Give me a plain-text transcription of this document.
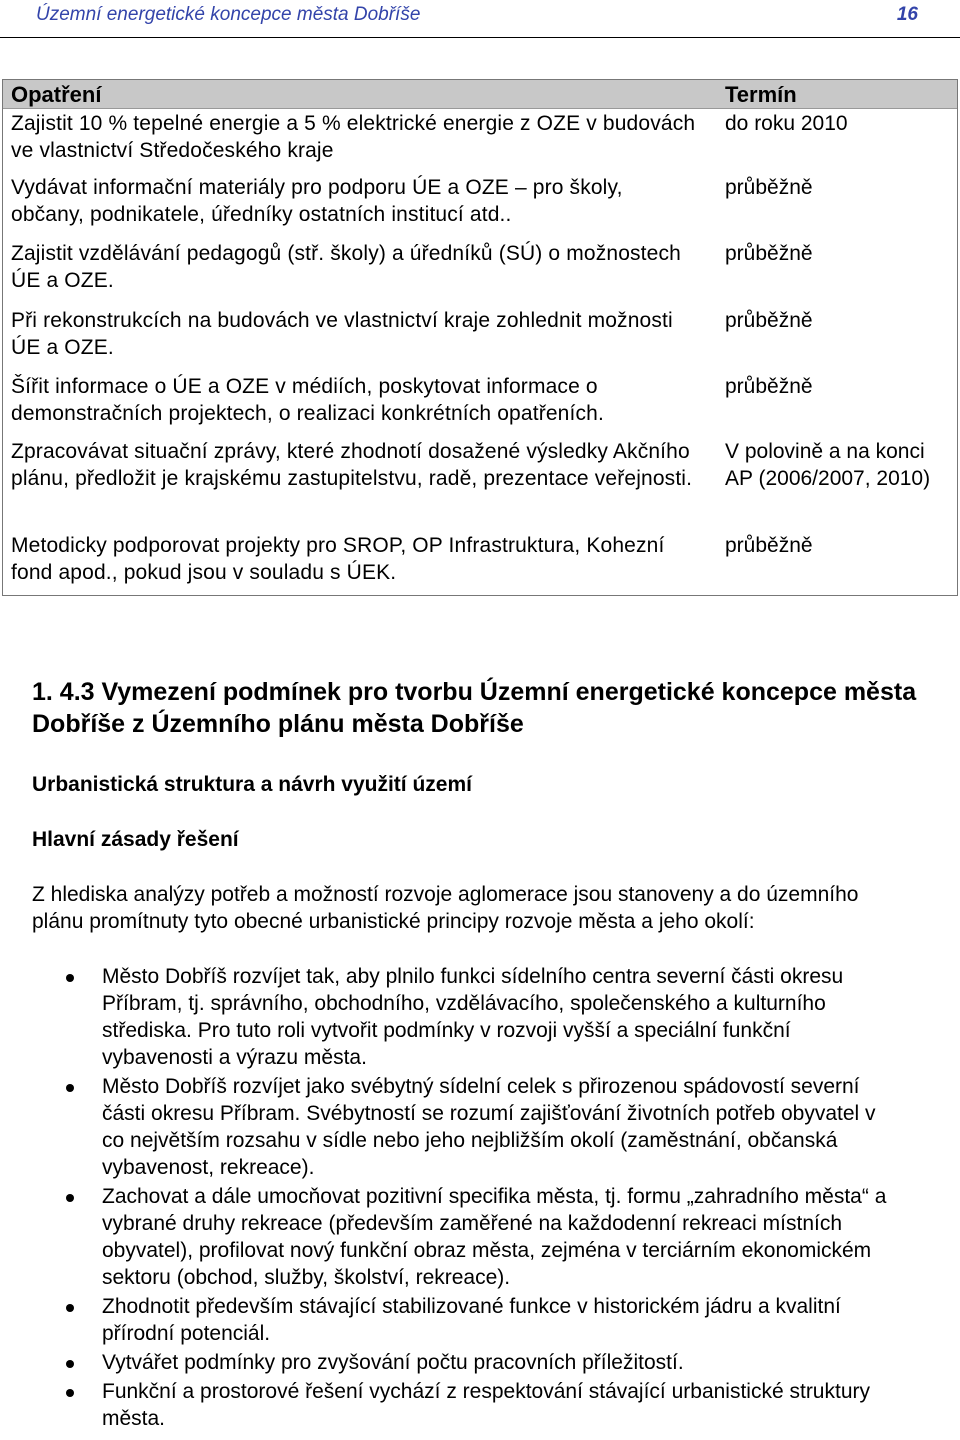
Územní energetické koncepce města Dobříše	16
Opatření	Termín
Zajistit 10 % tepelné energie a 5 % elektrické energie z OZE v budovách ve vlastnictví Středočeského kraje
do roku 2010
Vydávat informační materiály pro podporu ÚE a OZE – pro školy, občany, podnikatele, úředníky ostatních institucí atd..
průběžně
Zajistit vzdělávání pedagogů (stř. školy) a úředníků (SÚ) o možnostech ÚE a OZE.
průběžně
Při rekonstrukcích na budovách ve vlastnictví kraje zohlednit možnosti ÚE a OZE.
průběžně
Šířit informace o ÚE a OZE v médiích, poskytovat informace o demonstračních projektech, o realizaci konkrétních opatřeních.
průběžně
Zpracovávat situační zprávy, které zhodnotí dosažené výsledky Akčního plánu, předložit je krajskému zastupitelstvu, radě, prezentace veřejnosti.
V polovině a na konci AP (2006/2007, 2010)
Metodicky podporovat projekty pro SROP, OP Infrastruktura, Kohezní fond apod., pokud jsou v souladu s ÚEK.
průběžně
1. 4.3 Vymezení podmínek pro tvorbu Územní energetické koncepce města Dobříše z Územního plánu města Dobříše
Urbanistická struktura a návrh využití území
Hlavní zásady řešení
Z hlediska analýzy potřeb a možností rozvoje aglomerace jsou stanoveny a do územního plánu promítnuty tyto obecné urbanistické principy rozvoje města a jeho okolí:
Město Dobříš rozvíjet tak, aby plnilo funkci sídelního centra severní části okresu Příbram, tj. správního, obchodního, vzdělávacího, společenského a kulturního střediska. Pro tuto roli vytvořit podmínky v rozvoji vyšší a speciální funkční vybavenosti a výrazu města.
Město Dobříš rozvíjet jako svébytný sídelní celek s přirozenou spádovostí severní části okresu Příbram. Svébytností se rozumí zajišťování životních potřeb obyvatel v co největším rozsahu v sídle nebo jeho nejbližším okolí (zaměstnání, občanská vybavenost, rekreace).
Zachovat a dále umocňovat pozitivní specifika města, tj. formu „zahradního města“ a vybrané druhy rekreace (především zaměřené na každodenní rekreaci místních obyvatel), profilovat nový funkční obraz města, zejména v terciárním ekonomickém sektoru (obchod, služby, školství, rekreace).
Zhodnotit především stávající stabilizované funkce v historickém jádru a kvalitní přírodní potenciál.
Vytvářet podmínky pro zvyšování počtu pracovních příležitostí.
Funkční a prostorové řešení vychází z respektování stávající urbanistické struktury města.
